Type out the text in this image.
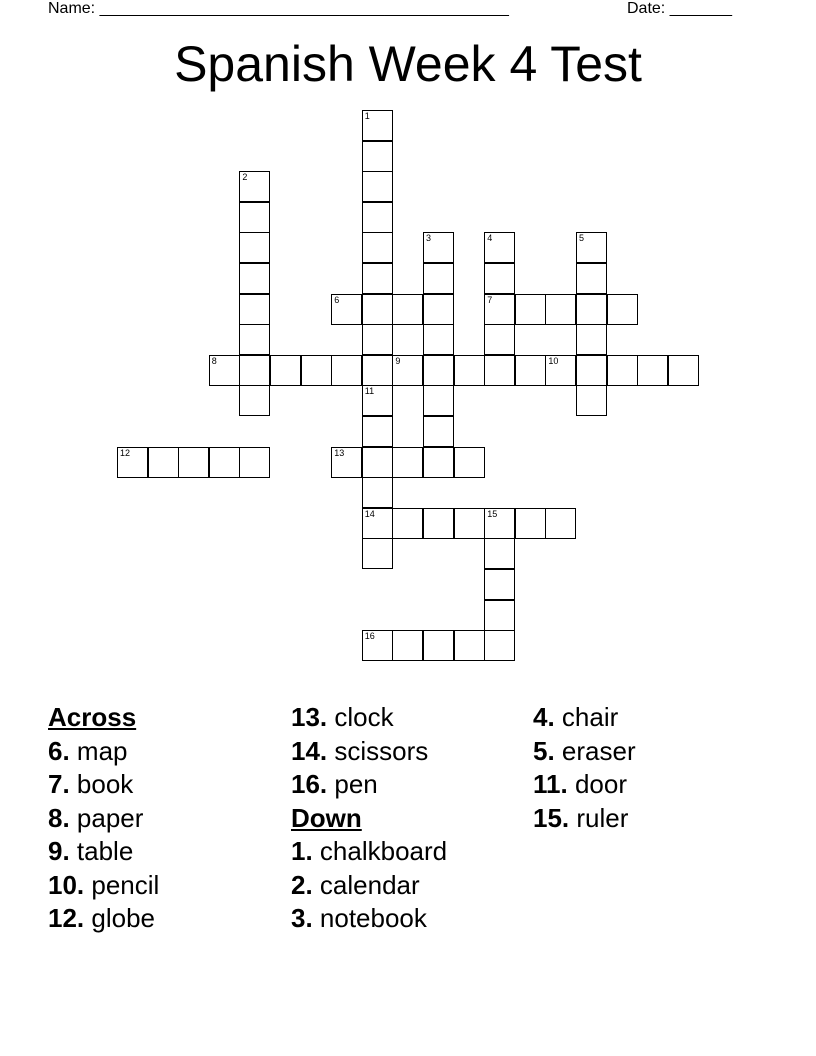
Name: ______________________________________________	Date: _______
Spanish Week 4 Test
1
11
2
3	4
7
5
6
8	9	10
14
12	13
15
16
Across
6. map
7. book
8. paper
9. table
10. pencil
12. globe
13. clock
14. scissors
16. pen
Down
1. chalkboard
2. calendar
3. notebook
4. chair
5. eraser
11. door
15. ruler
